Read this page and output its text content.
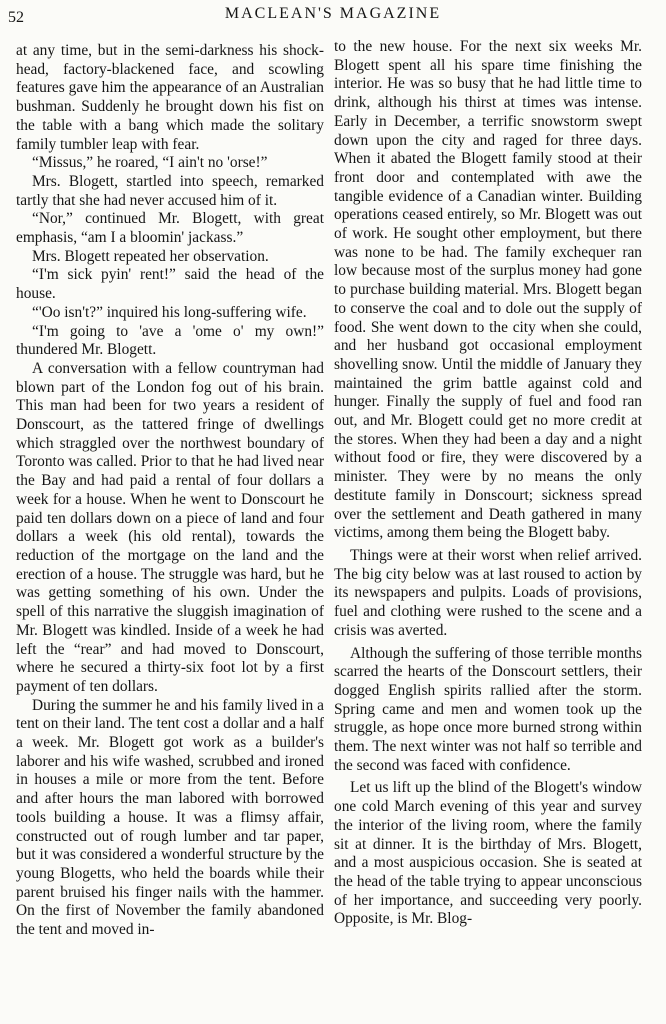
52	MACLEAN'S MAGAZINE

at any time, but in the semi-darkness his shock-head, factory-blackened face, and scowling features gave him the appearance of an Australian bushman. Suddenly he brought down his fist on the table with a bang which made the solitary family tumbler leap with fear.

“Missus,” he roared, “I ain't no 'orse!”

Mrs. Blogett, startled into speech, remarked tartly that she had never accused him of it.

“Nor,” continued Mr. Blogett, with great emphasis, “am I a bloomin' jackass.”

Mrs. Blogett repeated her observation.

“I'm sick pyin' rent!” said the head of the house.

“'Oo isn't?” inquired his long-suffering wife.

“I'm going to 'ave a 'ome o' my own!” thundered Mr. Blogett.

A conversation with a fellow countryman had blown part of the London fog out of his brain. This man had been for two years a resident of Donscourt, as the tattered fringe of dwellings which straggled over the northwest boundary of Toronto was called. Prior to that he had lived near the Bay and had paid a rental of four dollars a week for a house. When he went to Donscourt he paid ten dollars down on a piece of land and four dollars a week (his old rental), towards the reduction of the mortgage on the land and the erection of a house. The struggle was hard, but he was getting something of his own. Under the spell of this narrative the sluggish imagination of Mr. Blogett was kindled. Inside of a week he had left the “rear” and had moved to Donscourt, where he secured a thirty-six foot lot by a first payment of ten dollars.

During the summer he and his family lived in a tent on their land. The tent cost a dollar and a half a week. Mr. Blogett got work as a builder's laborer and his wife washed, scrubbed and ironed in houses a mile or more from the tent. Before and after hours the man labored with borrowed tools building a house. It was a flimsy affair, constructed out of rough lumber and tar paper, but it was considered a wonderful structure by the young Blogetts, who held the boards while their parent bruised his finger nails with the hammer. On the first of November the family abandoned the tent and moved in-

to the new house. For the next six weeks Mr. Blogett spent all his spare time finishing the interior. He was so busy that he had little time to drink, although his thirst at times was intense. Early in December, a terrific snowstorm swept down upon the city and raged for three days. When it abated the Blogett family stood at their front door and contemplated with awe the tangible evidence of a Canadian winter. Building operations ceased entirely, so Mr. Blogett was out of work. He sought other employment, but there was none to be had. The family exchequer ran low because most of the surplus money had gone to purchase building material. Mrs. Blogett began to conserve the coal and to dole out the supply of food. She went down to the city when she could, and her husband got occasional employment shovelling snow. Until the middle of January they maintained the grim battle against cold and hunger. Finally the supply of fuel and food ran out, and Mr. Blogett could get no more credit at the stores. When they had been a day and a night without food or fire, they were discovered by a minister. They were by no means the only destitute family in Donscourt; sickness spread over the settlement and Death gathered in many victims, among them being the Blogett baby.

Things were at their worst when relief arrived. The big city below was at last roused to action by its newspapers and pulpits. Loads of provisions, fuel and clothing were rushed to the scene and a crisis was averted.

Although the suffering of those terrible months scarred the hearts of the Donscourt settlers, their dogged English spirits rallied after the storm. Spring came and men and women took up the struggle, as hope once more burned strong within them. The next winter was not half so terrible and the second was faced with confidence.

Let us lift up the blind of the Blogett's window one cold March evening of this year and survey the interior of the living room, where the family sit at dinner. It is the birthday of Mrs. Blogett, and a most auspicious occasion. She is seated at the head of the table trying to appear unconscious of her importance, and succeeding very poorly. Opposite, is Mr. Blog-
